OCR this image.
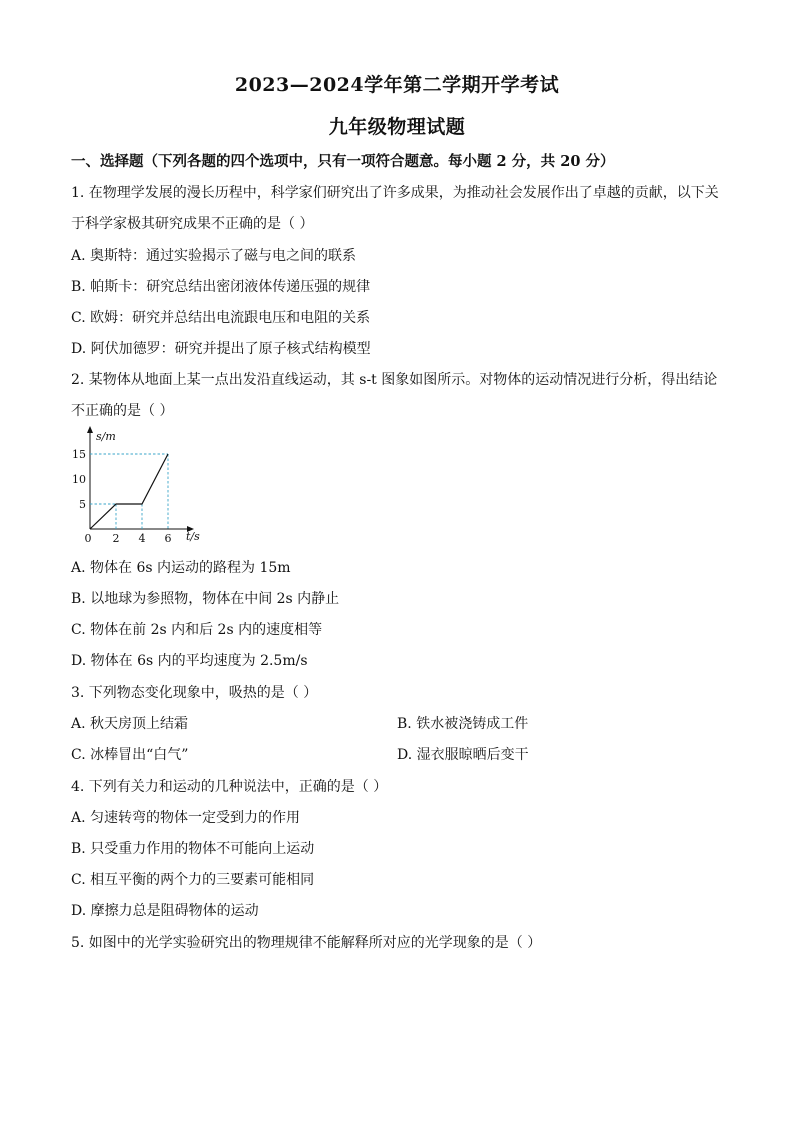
2023—2024学年第二学期开学考试
九年级物理试题
一、选择题（下列各题的四个选项中，只有一项符合题意。每小题 2 分，共 20 分）
1. 在物理学发展的漫长历程中，科学家们研究出了许多成果，为推动社会发展作出了卓越的贡献，以下关
于科学家极其研究成果不正确的是（ ）
A. 奥斯特：通过实验揭示了磁与电之间的联系
B. 帕斯卡：研究总结出密闭液体传递压强的规律
C. 欧姆：研究并总结出电流跟电压和电阻的关系
D. 阿伏加德罗：研究并提出了原子核式结构模型
2. 某物体从地面上某一点出发沿直线运动，其 s-t 图象如图所示。对物体的运动情况进行分析，得出结论
不正确的是（ ）
15
10
5
0 2 4 6
s/m
t/s
A. 物体在 6s 内运动的路程为 15m
B. 以地球为参照物，物体在中间 2s 内静止
C. 物体在前 2s 内和后 2s 内的速度相等
D. 物体在 6s 内的平均速度为 2.5m/s
3. 下列物态变化现象中，吸热的是（ ）
A. 秋天房顶上结霜	B. 铁水被浇铸成工件
C. 冰棒冒出“白气”	D. 湿衣服晾晒后变干
4. 下列有关力和运动的几种说法中，正确的是（ ）
A. 匀速转弯的物体一定受到力的作用
B. 只受重力作用的物体不可能向上运动
C. 相互平衡的两个力的三要素可能相同
D. 摩擦力总是阻碍物体的运动
5. 如图中的光学实验研究出的物理规律不能解释所对应的光学现象的是（ ）
